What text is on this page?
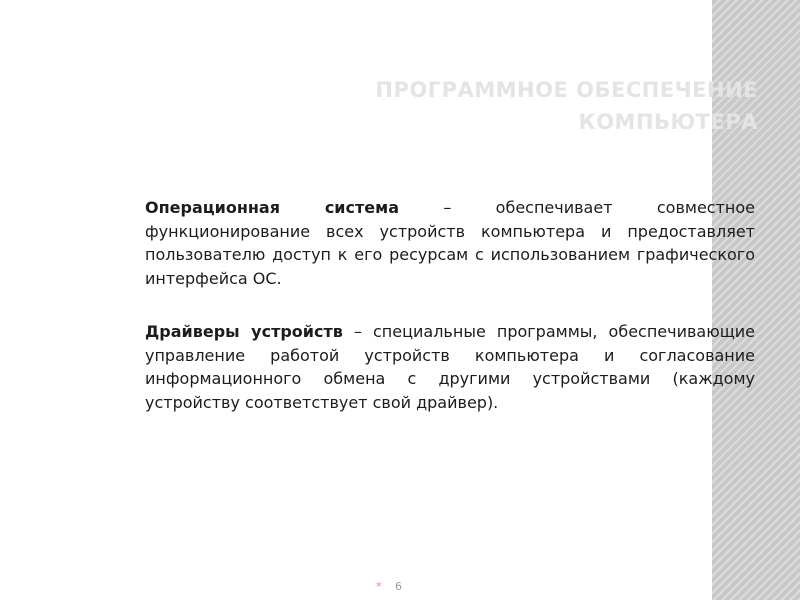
ПРОГРАММНОЕ ОБЕСПЕЧЕНИЕ
КОМПЬЮТЕРА

Операционная система – обеспечивает совместное функционирование всех устройств компьютера и предоставляет пользователю доступ к его ресурсам с использованием графического интерфейса ОС.

Драйверы устройств – специальные программы, обеспечивающие управление работой устройств компьютера и согласование информационного обмена с другими устройствами (каждому устройству соответствует свой драйвер).

* 6
